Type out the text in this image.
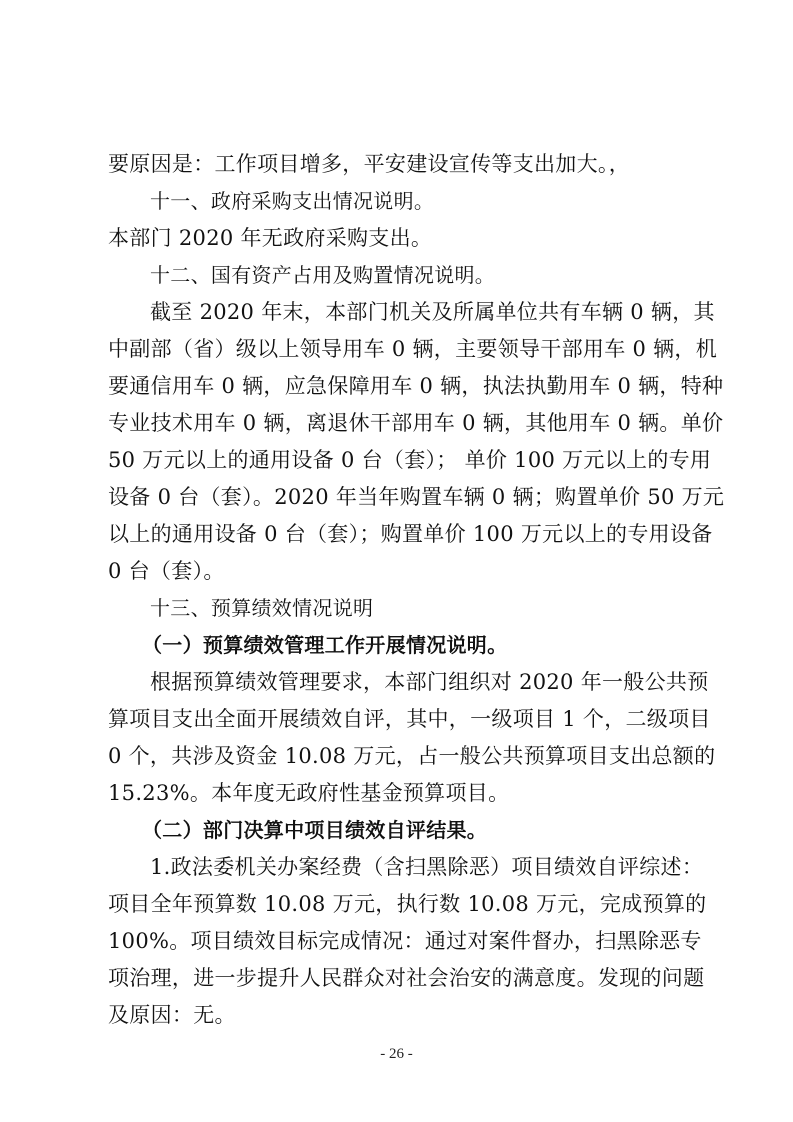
要原因是：工作项目增多，平安建设宣传等支出加大。，
十一、政府采购支出情况说明。
本部门 2020 年无政府采购支出。
十二、国有资产占用及购置情况说明。
截至 2020 年末，本部门机关及所属单位共有车辆 0 辆，其
中副部（省）级以上领导用车 0 辆，主要领导干部用车 0 辆，机
要通信用车 0 辆，应急保障用车 0 辆，执法执勤用车 0 辆，特种
专业技术用车 0 辆，离退休干部用车 0 辆，其他用车 0 辆。单价
50 万元以上的通用设备 0 台（套）； 单价 100 万元以上的专用
设备 0 台（套）。2020 年当年购置车辆 0 辆；购置单价 50 万元
以上的通用设备 0 台（套）；购置单价 100 万元以上的专用设备
0 台（套）。
十三、预算绩效情况说明
（一）预算绩效管理工作开展情况说明。
根据预算绩效管理要求，本部门组织对 2020 年一般公共预
算项目支出全面开展绩效自评，其中，一级项目 1 个，二级项目
0 个，共涉及资金 10.08 万元，占一般公共预算项目支出总额的
15.23%。本年度无政府性基金预算项目。
（二）部门决算中项目绩效自评结果。
1.政法委机关办案经费（含扫黑除恶）项目绩效自评综述：
项目全年预算数 10.08 万元，执行数 10.08 万元，完成预算的
100%。项目绩效目标完成情况：通过对案件督办，扫黑除恶专
项治理，进一步提升人民群众对社会治安的满意度。发现的问题
及原因：无。
- 26 -
